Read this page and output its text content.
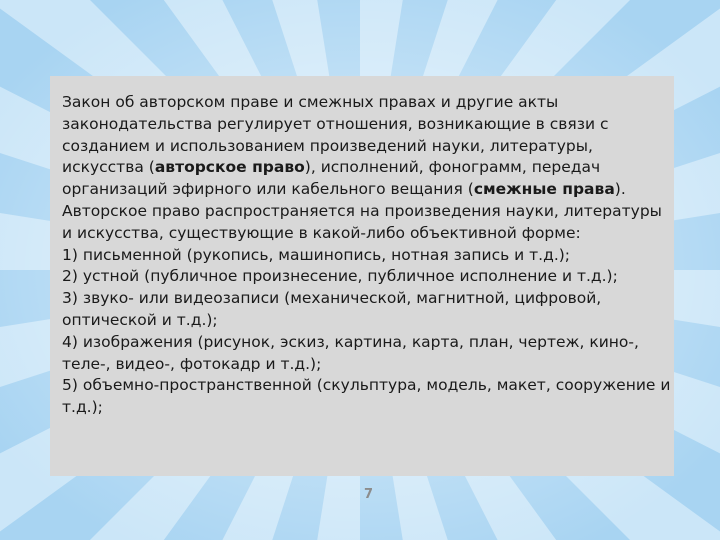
Закон об авторском праве и смежных правах и другие акты законодательства регулирует отношения, возникающие в связи с созданием и использованием произведений науки, литературы, искусства (авторское право), исполнений, фонограмм, передач организаций эфирного или кабельного вещания (смежные права).

Авторское право распространяется на произведения науки, литературы и искусства, существующие в какой-либо объективной форме:

1) письменной (рукопись, машинопись, нотная запись и т.д.);

2) устной (публичное произнесение, публичное исполнение и т.д.);

3) звуко- или видеозаписи (механической, магнитной, цифровой, оптической и т.д.);

4) изображения (рисунок, эскиз, картина, карта, план, чертеж, кино-, теле-, видео-, фотокадр и т.д.);

5) объемно-пространственной (скульптура, модель, макет, сооружение и т.д.);

7
